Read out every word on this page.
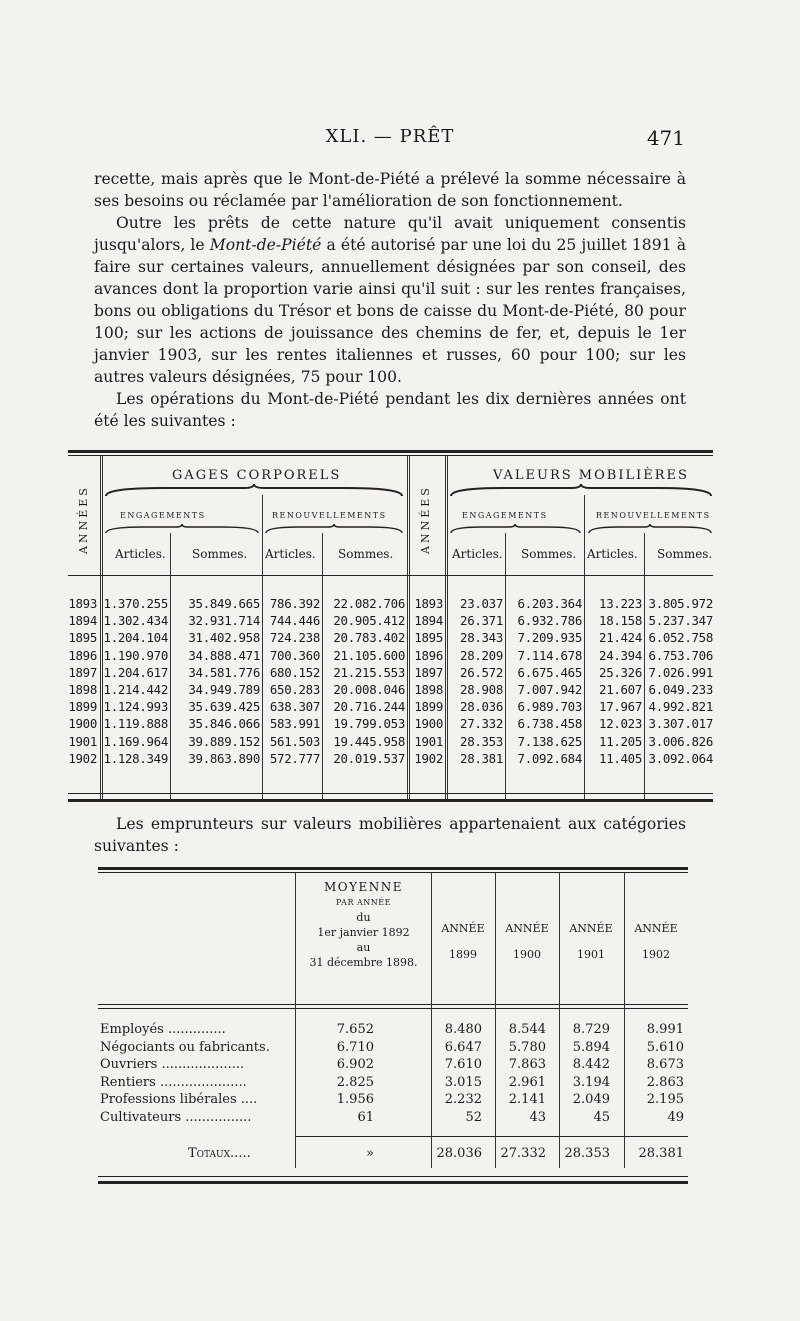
XLI. — PRÊT	471

recette, mais après que le Mont-de-Piété a prélevé la somme nécessaire à ses besoins ou réclamée par l'amélioration de son fonctionnement.

Outre les prêts de cette nature qu'il avait uniquement consentis jusqu'alors, le Mont-de-Piété a été autorisé par une loi du 25 juillet 1891 à faire sur certaines valeurs, annuellement désignées par son conseil, des avances dont la proportion varie ainsi qu'il suit : sur les rentes françaises, bons ou obligations du Trésor et bons de caisse du Mont-de-Piété, 80 pour 100; sur les actions de jouissance des chemins de fer, et, depuis le 1er janvier 1903, sur les rentes italiennes et russes, 60 pour 100; sur les autres valeurs désignées, 75 pour 100.

Les opérations du Mont-de-Piété pendant les dix dernières années ont été les suivantes :

ANNÉES	ANNÉES
GAGES CORPORELS	VALEURS MOBILIÈRES
ENGAGEMENTS	RENOUVELLEMENTS	ENGAGEMENTS	RENOUVELLEMENTS
Articles. Sommes. Articles. Sommes.	Articles. Sommes. Articles. Sommes.
1893 1.370.255	35.849.665 786.392	22.082.706 1893	23.037	6.203.364	13.223 3.805.972
1894 1.302.434	32.931.714 744.446	20.905.412 1894	26.371	6.932.786	18.158 5.237.347
1895 1.204.104	31.402.958 724.238	20.783.402 1895	28.343	7.209.935	21.424 6.052.758
1896 1.190.970	34.888.471 700.360	21.105.600 1896	28.209	7.114.678	24.394 6.753.706
1897 1.204.617	34.581.776 680.152	21.215.553 1897	26.572	6.675.465	25.326 7.026.991
1898 1.214.442	34.949.789 650.283	20.008.046 1898	28.908	7.007.942	21.607 6.049.233
1899 1.124.993	35.639.425 638.307	20.716.244 1899	28.036	6.989.703	17.967 4.992.821
1900 1.119.888	35.846.066 583.991	19.799.053 1900	27.332	6.738.458	12.023 3.307.017
1901 1.169.964	39.889.152 561.503	19.445.958 1901	28.353	7.138.625	11.205 3.006.826
1902 1.128.349	39.863.890 572.777	20.019.537 1902	28.381	7.092.684	11.405 3.092.064

Les emprunteurs sur valeurs mobilières appartenaient aux catégories suivantes :

MOYENNE
PAR ANNÉE
du
1er janvier 1892
au
31 décembre 1898.
ANNÉE
1899
ANNÉE
1900
ANNÉE
1901
ANNÉE
1902
Employés ..............	7.652	8.480	8.544	8.729	8.991
Négociants ou fabricants.	6.710	6.647	5.780	5.894	5.610
Ouvriers ....................	6.902	7.610	7.863	8.442	8.673
Rentiers .....................	2.825	3.015	2.961	3.194	2.863
Professions libérales ....	1.956	2.232	2.141	2.049	2.195
Cultivateurs ................	61	52	43	45	49
Totaux.....	»	28.036	27.332	28.353	28.381
